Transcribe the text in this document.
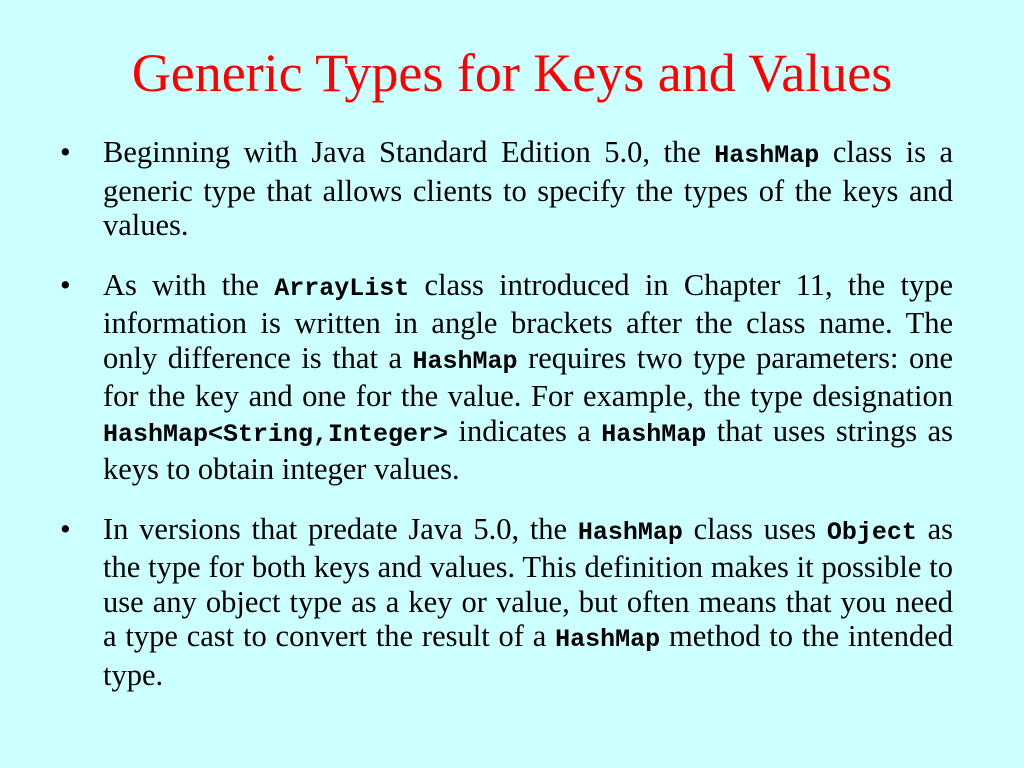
Generic Types for Keys and Values
•	Beginning with Java Standard Edition 5.0, the HashMap class is a generic type that allows clients to specify the types of the keys and values.
•	As with the ArrayList class introduced in Chapter 11, the type information is written in angle brackets after the class name. The only difference is that a HashMap requires two type parameters: one for the key and one for the value. For example, the type designation HashMap<String,Integer> indicates a HashMap that uses strings as keys to obtain integer values.
•	In versions that predate Java 5.0, the HashMap class uses Object as the type for both keys and values. This definition makes it possible to use any object type as a key or value, but often means that you need a type cast to convert the result of a HashMap method to the intended type.
